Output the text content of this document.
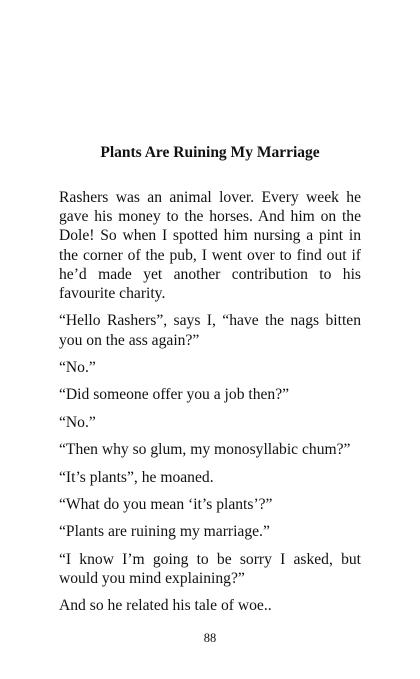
Plants Are Ruining My Marriage

Rashers was an animal lover. Every week he gave his money to the horses. And him on the Dole! So when I spotted him nursing a pint in the corner of the pub, I went over to find out if he’d made yet another contribution to his favourite charity.

“Hello Rashers”, says I, “have the nags bitten you on the ass again?”

“No.”

“Did someone offer you a job then?”

“No.”

“Then why so glum, my monosyllabic chum?”

“It’s plants”, he moaned.

“What do you mean ‘it’s plants’?”

“Plants are ruining my marriage.”

“I know I’m going to be sorry I asked, but would you mind explaining?”

And so he related his tale of woe..

88
